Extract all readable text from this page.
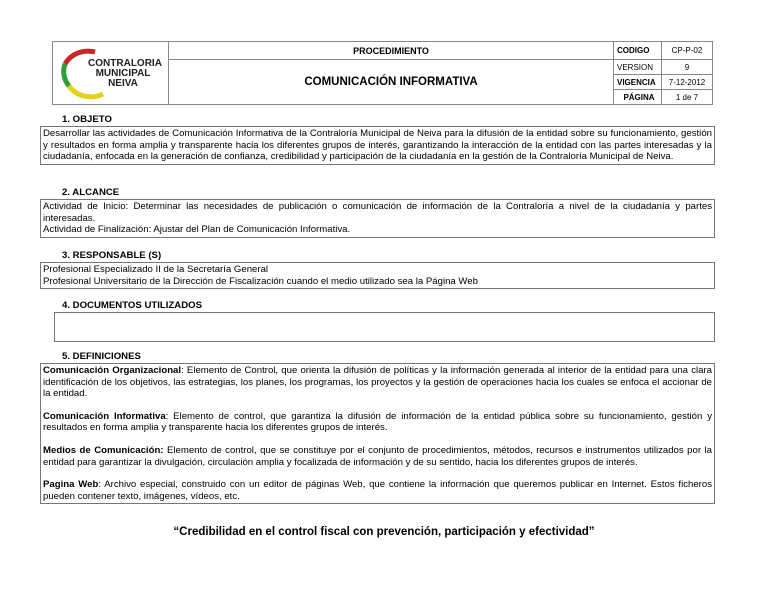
CONTRALORIA
MUNICIPAL
NEIVA	PROCEDIMIENTO	CODIGO	CP-P-02
	COMUNICACIÓN INFORMATIVA	VERSION	9
		VIGENCIA	7-12-2012
		PÁGINA	1 de 7
1. OBJETO
Desarrollar las actividades de Comunicación Informativa de la Contraloría Municipal de Neiva para la difusión de la entidad sobre su funcionamiento, gestión y resultados en forma amplia y transparente hacia los diferentes grupos de interés, garantizando la interacción de la entidad con las partes interesadas y la ciudadanía, enfocada en la generación de confianza, credibilidad y participación de la ciudadanía en la gestión de la Contraloría Municipal de Neiva.
2. ALCANCE

Actividad de Inicio: Determinar las necesidades de publicación o comunicación de información de la Contraloría a nivel de la ciudadanía y partes interesadas.

Actividad de Finalización: Ajustar del Plan de Comunicación Informativa.

3. RESPONSABLE (S)

Profesional Especializado II de la Secretaría General

Profesional Universitario de la Dirección de Fiscalización cuando el medio utilizado sea la Página Web

4. DOCUMENTOS UTILIZADOS
5. DEFINICIONES

Comunicación Organizacional: Elemento de Control, que orienta la difusión de políticas y la información generada al interior de la entidad para una clara identificación de los objetivos, las estrategias, los planes, los programas, los proyectos y la gestión de operaciones hacia los cuales se enfoca el accionar de la entidad.

Comunicación Informativa: Elemento de control, que garantiza la difusión de información de la entidad pública sobre su funcionamiento, gestión y resultados en forma amplia y transparente hacia los diferentes grupos de interés.

Medios de Comunicación: Elemento de control, que se constituye por el conjunto de procedimientos, métodos, recursos e instrumentos utilizados por la entidad para garantizar la divulgación, circulación amplia y focalizada de información y de su sentido, hacia los diferentes grupos de interés.

Pagina Web: Archivo especial, construido con un editor de páginas Web, que contiene la información que queremos publicar en Internet. Estos ficheros pueden contener texto, imágenes, vídeos, etc.

“Credibilidad en el control fiscal con prevención, participación y efectividad”
